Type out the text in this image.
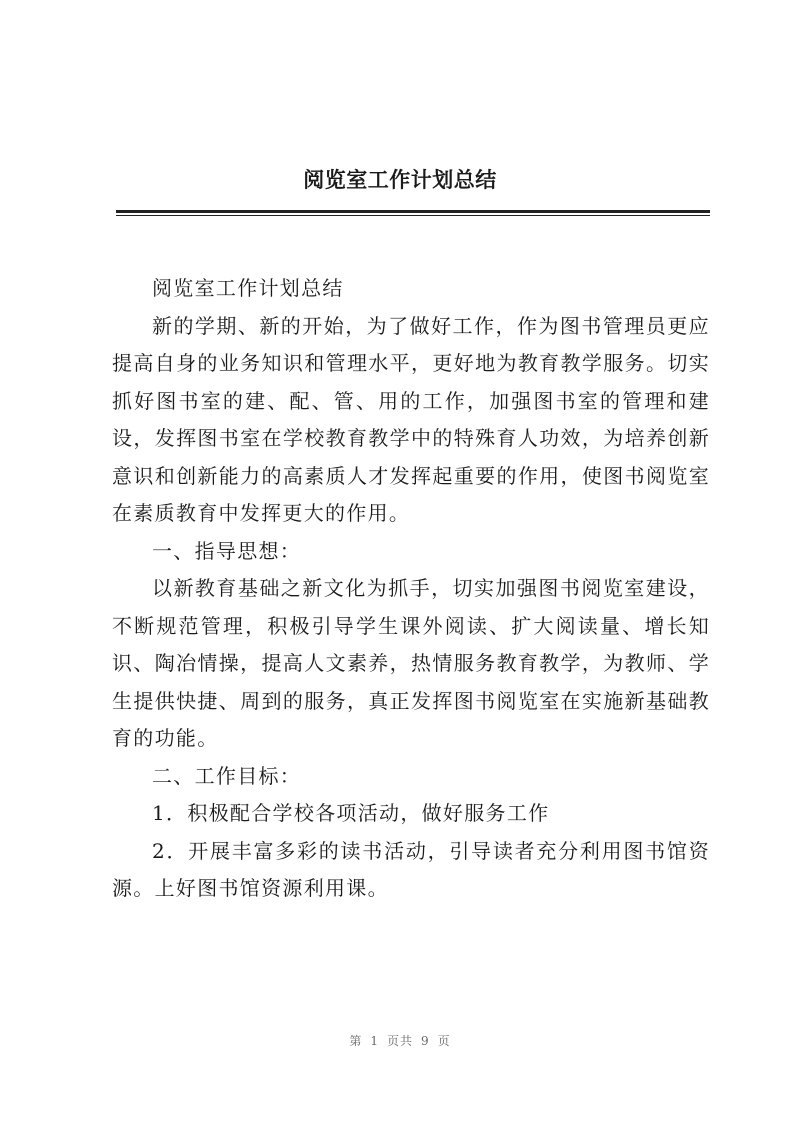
阅览室工作计划总结

阅览室工作计划总结

新的学期、新的开始，为了做好工作，作为图书管理员更应提高自身的业务知识和管理水平，更好地为教育教学服务。切实抓好图书室的建、配、管、用的工作，加强图书室的管理和建设，发挥图书室在学校教育教学中的特殊育人功效，为培养创新意识和创新能力的高素质人才发挥起重要的作用，使图书阅览室在素质教育中发挥更大的作用。

一、指导思想：

以新教育基础之新文化为抓手，切实加强图书阅览室建设，不断规范管理，积极引导学生课外阅读、扩大阅读量、增长知识、陶冶情操，提高人文素养，热情服务教育教学，为教师、学生提供快捷、周到的服务，真正发挥图书阅览室在实施新基础教育的功能。

二、工作目标：

1．积极配合学校各项活动，做好服务工作

2．开展丰富多彩的读书活动，引导读者充分利用图书馆资源。上好图书馆资源利用课。

第 1 页共 9 页
